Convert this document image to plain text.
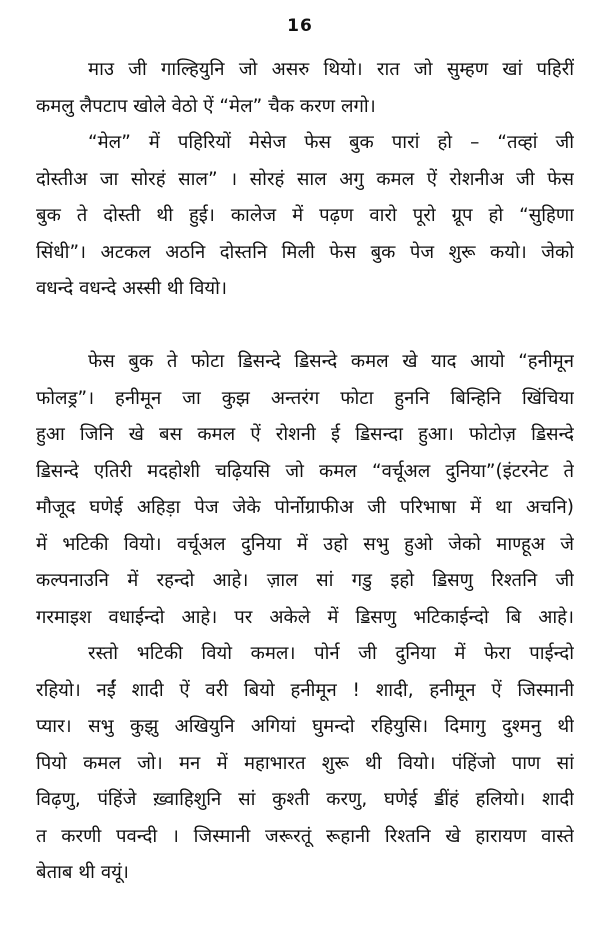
16
माउ जी गाल्हियुनि जो असरु थियो। रात जो सुम्हण खां पहिरीं
कमलु लैपटाप खोले वेठो ऐं “मेल” चैक करण लगो।
“मेल” में पहिरियों मेसेज फेस बुक पारां हो – “तव्हां जी
दोस्तीअ जा सोरहं साल” । सोरहं साल अगु कमल ऐं रोशनीअ जी फेस
बुक ते दोस्ती थी हुई। कालेज में पढ़ण वारो पूरो ग्रूप हो “सुहिणा
सिंधी”। अटकल अठनि दोस्तनि मिली फेस बुक पेज शुरू कयो। जेको
वधन्दे वधन्दे अस्सी थी वियो।
फेस बुक ते फोटा ॾिसन्दे ॾिसन्दे कमल खे याद आयो “हनीमून
फोलड्र”। हनीमून जा कुझ अन्तरंग फोटा हुननि बिन्हिनि खिंचिया
हुआ जिनि खे बस कमल ऐं रोशनी ई ॾिसन्दा हुआ। फोटोज़ ॾिसन्दे
ॾिसन्दे एतिरी मदहोशी चढ़ियसि जो कमल “वर्चूअल दुनिया”(इंटरनेट ते
मौजूद घणेई अहिड़ा पेज जेके पोर्नोग्राफीअ जी परिभाषा में था अचनि)
में भटिकी वियो। वर्चूअल दुनिया में उहो सभु हुओ जेको माण्हूअ जे
कल्पनाउनि में रहन्दो आहे। ज़ाल सां गडु इहो ॾिसणु रिश्तनि जी
गरमाइश वधाईन्दो आहे। पर अकेले में ॾिसणु भटिकाईन्दो बि आहे।
रस्तो भटिकी वियो कमल। पोर्न जी दुनिया में फेरा पाईन्दो
रहियो। नईं शादी ऐं वरी बियो हनीमून ! शादी, हनीमून ऐं जिस्मानी
प्यार। सभु कुझु अखियुनि अगियां घुमन्दो रहियुसि। दिमागु दुश्मनु थी
पियो कमल जो। मन में महाभारत शुरू थी वियो। पंहिंजो पाण सां
विढ़णु, पंहिंजे ख़्वाहिशुनि सां कुश्ती करणु, घणेई ॾींहं हलियो। शादी
त करणी पवन्दी । जिस्मानी जरूरतूं रूहानी रिश्तनि खे हारायण वास्ते
बेताब थी वयूं।
